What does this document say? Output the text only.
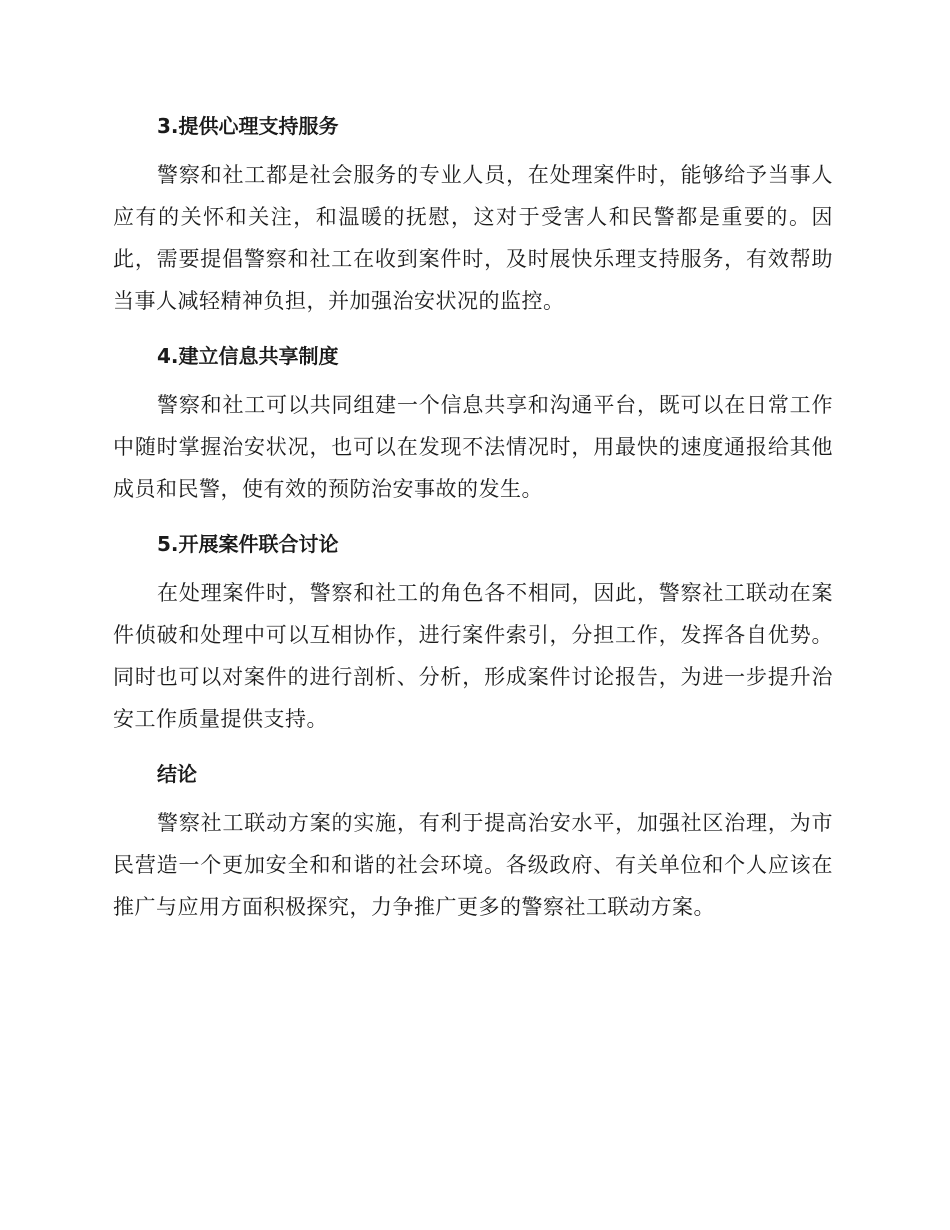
3.提供心理支持服务

警察和社工都是社会服务的专业人员，在处理案件时，能够给予当事人应有的关怀和关注，和温暖的抚慰，这对于受害人和民警都是重要的。因此，需要提倡警察和社工在收到案件时，及时展快乐理支持服务，有效帮助当事人减轻精神负担，并加强治安状况的监控。

4.建立信息共享制度

警察和社工可以共同组建一个信息共享和沟通平台，既可以在日常工作中随时掌握治安状况，也可以在发现不法情况时，用最快的速度通报给其他成员和民警，使有效的预防治安事故的发生。

5.开展案件联合讨论

在处理案件时，警察和社工的角色各不相同，因此，警察社工联动在案件侦破和处理中可以互相协作，进行案件索引，分担工作，发挥各自优势。同时也可以对案件的进行剖析、分析，形成案件讨论报告，为进一步提升治安工作质量提供支持。

结论

警察社工联动方案的实施，有利于提高治安水平，加强社区治理，为市民营造一个更加安全和和谐的社会环境。各级政府、有关单位和个人应该在推广与应用方面积极探究，力争推广更多的警察社工联动方案。
